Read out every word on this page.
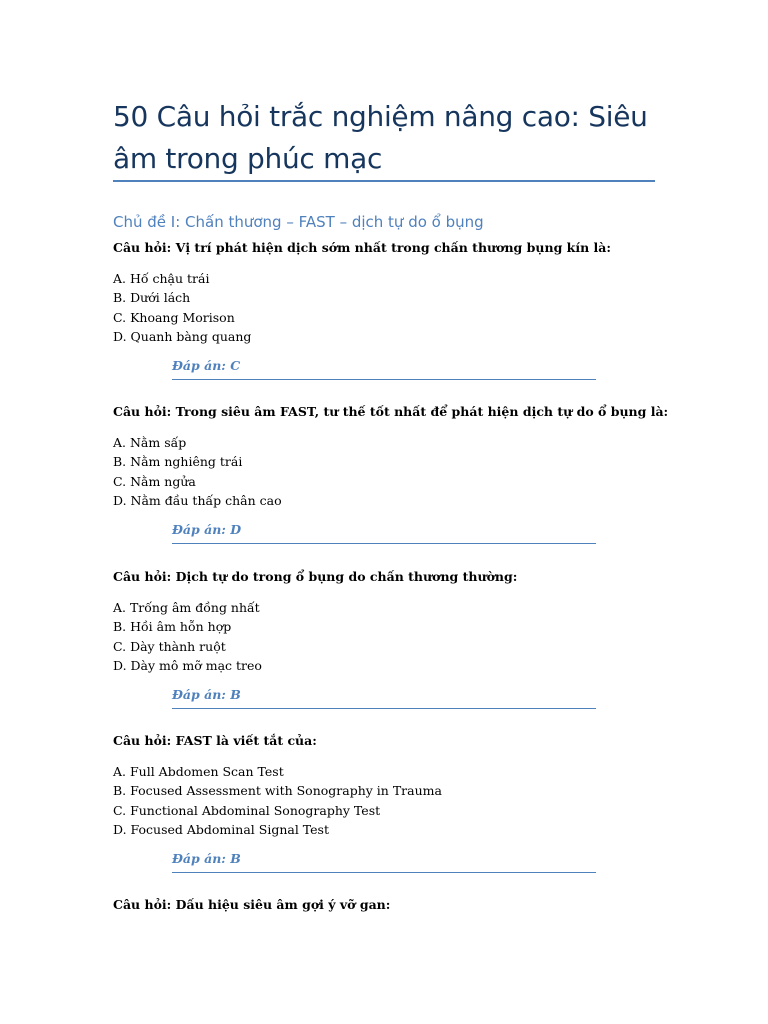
50 Câu hỏi trắc nghiệm nâng cao: Siêu âm trong phúc mạc
Chủ đề I: Chấn thương – FAST – dịch tự do ổ bụng
Câu hỏi: Vị trí phát hiện dịch sớm nhất trong chấn thương bụng kín là:
A. Hố chậu trái
B. Dưới lách
C. Khoang Morison
D. Quanh bàng quang
Đáp án: C
Câu hỏi: Trong siêu âm FAST, tư thế tốt nhất để phát hiện dịch tự do ổ bụng là:
A. Nằm sấp
B. Nằm nghiêng trái
C. Nằm ngửa
D. Nằm đầu thấp chân cao
Đáp án: D
Câu hỏi: Dịch tự do trong ổ bụng do chấn thương thường:
A. Trống âm đồng nhất
B. Hồi âm hỗn hợp
C. Dày thành ruột
D. Dày mô mỡ mạc treo
Đáp án: B
Câu hỏi: FAST là viết tắt của:
A. Full Abdomen Scan Test
B. Focused Assessment with Sonography in Trauma
C. Functional Abdominal Sonography Test
D. Focused Abdominal Signal Test
Đáp án: B
Câu hỏi: Dấu hiệu siêu âm gợi ý vỡ gan:
